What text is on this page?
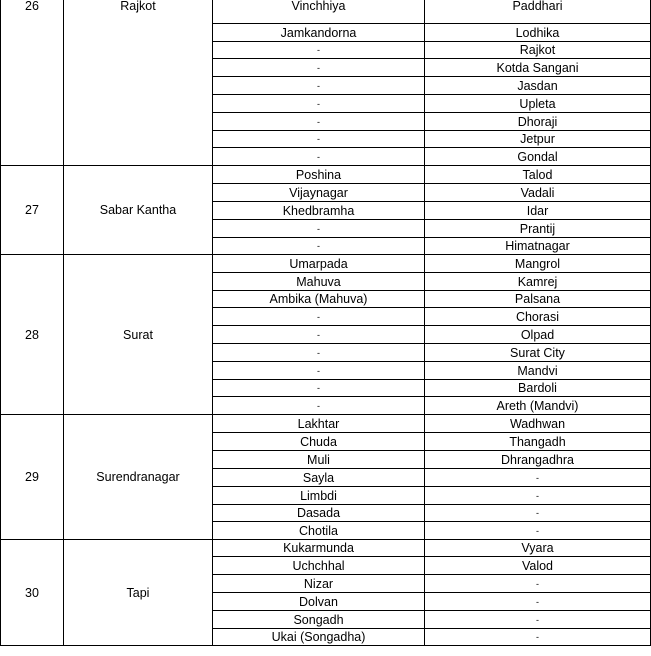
26	Rajkot	Vinchhiya	Paddhari
		Jamkandorna	Lodhika
		-	Rajkot
		-	Kotda Sangani
		-	Jasdan
		-	Upleta
		-	Dhoraji
		-	Jetpur
		-	Gondal
27	Sabar Kantha	Poshina	Talod
		Vijaynagar	Vadali
		Khedbramha	Idar
		-	Prantij
		-	Himatnagar
28	Surat	Umarpada	Mangrol
		Mahuva	Kamrej
		Ambika (Mahuva)	Palsana
		-	Chorasi
		-	Olpad
		-	Surat City
		-	Mandvi
		-	Bardoli
		-	Areth (Mandvi)
29	Surendranagar	Lakhtar	Wadhwan
		Chuda	Thangadh
		Muli	Dhrangadhra
		Sayla	-
		Limbdi	-
		Dasada	-
		Chotila	-
30	Tapi	Kukarmunda	Vyara
		Uchchhal	Valod
		Nizar	-
		Dolvan	-
		Songadh	-
		Ukai (Songadha)	-
